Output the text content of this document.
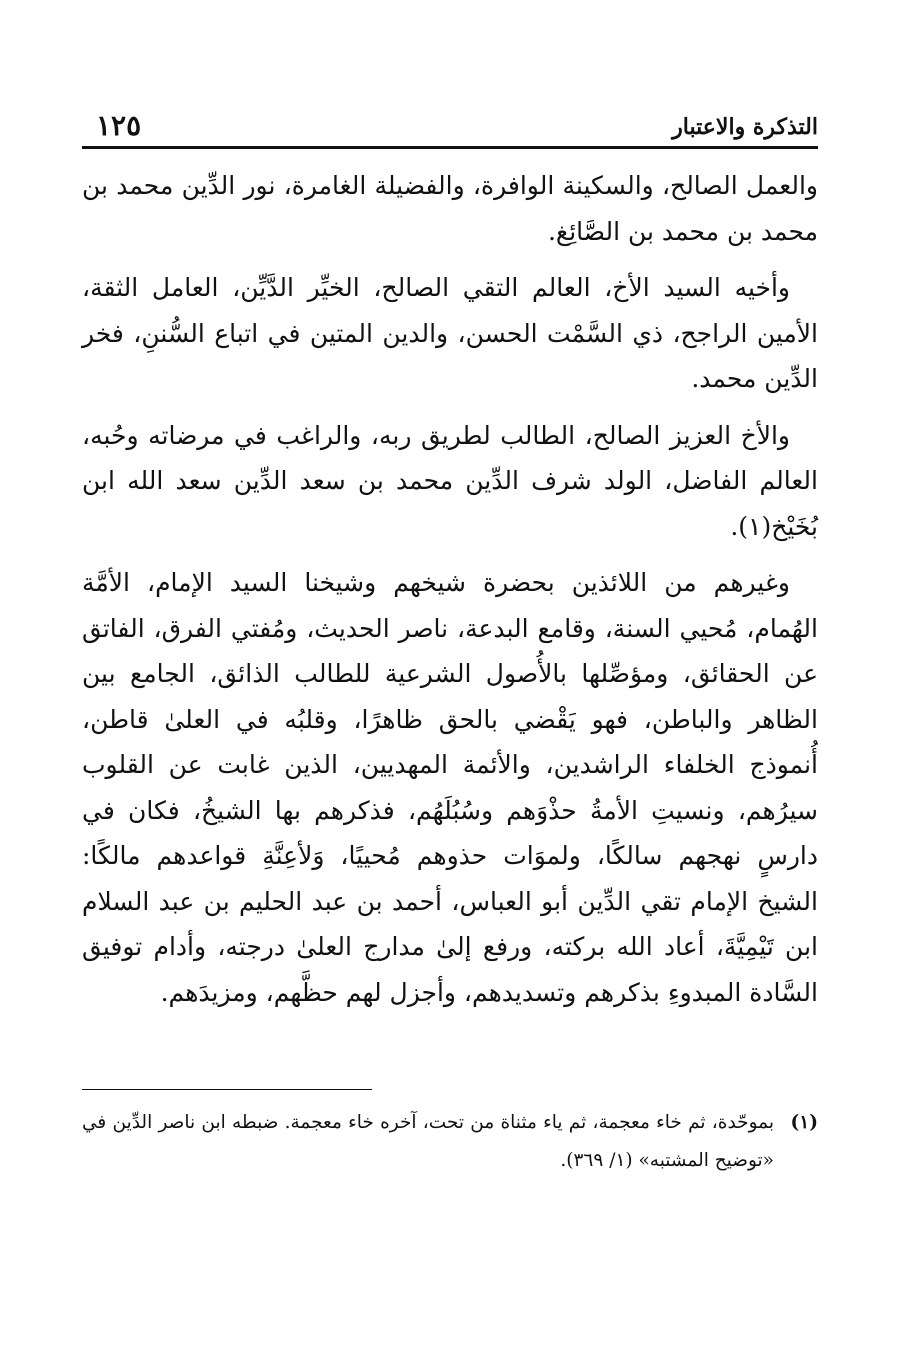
التذكرة والاعتبار
١٢٥

والعمل الصالح، والسكينة الوافرة، والفضيلة الغامرة، نور الدِّين محمد بن محمد بن محمد بن الصَّائِغ.

وأخيه السيد الأخ، العالم التقي الصالح، الخيِّر الدَّيِّن، العامل الثقة، الأمين الراجح، ذي السَّمْت الحسن، والدين المتين في اتباع السُّننِ، فخر الدِّين محمد.

والأخ العزيز الصالح، الطالب لطريق ربه، والراغب في مرضاته وحُبه، العالم الفاضل، الولد شرف الدِّين محمد بن سعد الدِّين سعد الله ابن بُخَيْخ(١).

وغيرهم من اللائذين بحضرة شيخهم وشيخنا السيد الإمام، الأمَّة الهُمام، مُحيي السنة، وقامع البدعة، ناصر الحديث، ومُفتي الفرق، الفاتق عن الحقائق، ومؤصِّلها بالأُصول الشرعية للطالب الذائق، الجامع بين الظاهر والباطن، فهو يَقْضي بالحق ظاهرًا، وقلبُه في العلىٰ قاطن، أُنموذج الخلفاء الراشدين، والأئمة المهديين، الذين غابت عن القلوب سيرُهم، ونسيتِ الأمةُ حذْوَهم وسُبُلَهُم، فذكرهم بها الشيخُ، فكان في دارسٍ نهجهم سالكًا، ولموَات حذوهم مُحييًا، وَلأعِنَّةِ قواعدهم مالكًا: الشيخ الإمام تقي الدِّين أبو العباس، أحمد بن عبد الحليم بن عبد السلام ابن تَيْمِيَّةَ، أعاد الله بركته، ورفع إلىٰ مدارج العلىٰ درجته، وأدام توفيق السَّادة المبدوءِ بذكرهم وتسديدهم، وأجزل لهم حظَّهم، ومزيدَهم.

(١)
بموحّدة، ثم خاء معجمة، ثم ياء مثناة من تحت، آخره خاء معجمة. ضبطه ابن ناصر الدِّين في «توضيح المشتبه» (١/ ٣٦٩).
